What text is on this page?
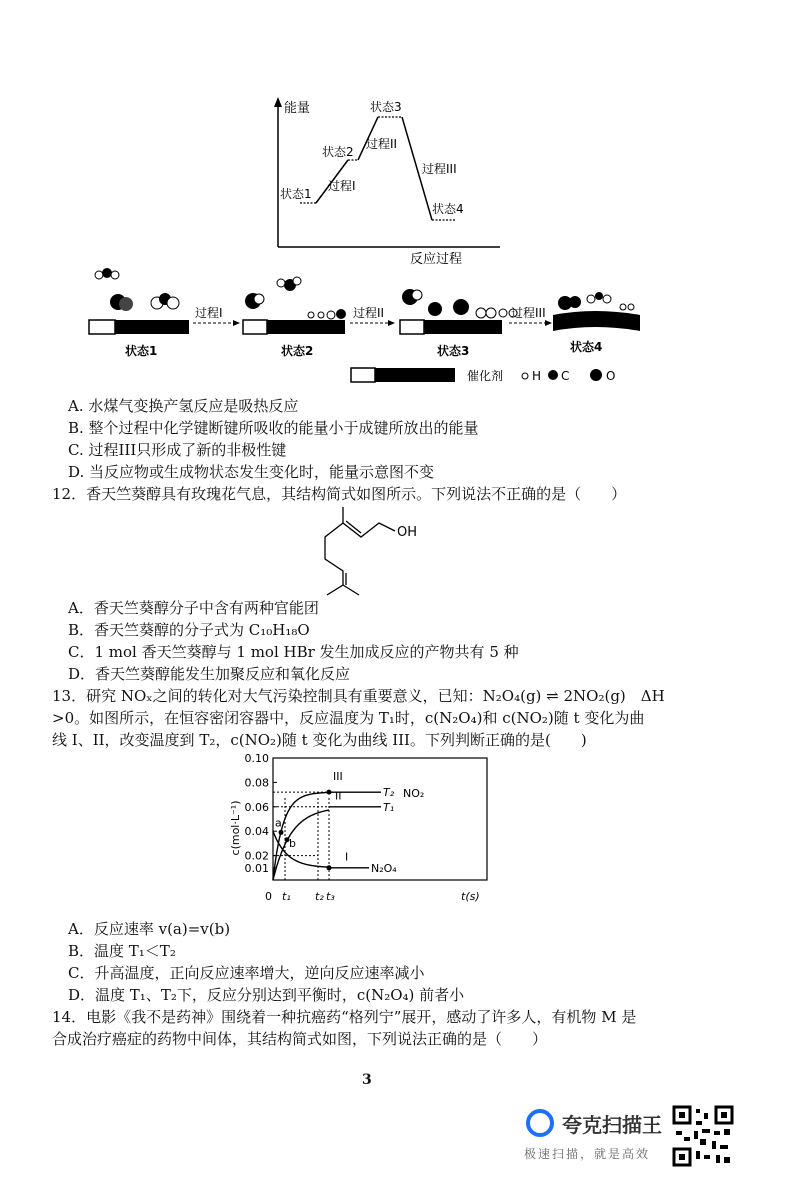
能量
反应过程
状态1
状态2
状态3
状态4
过程I
过程II
过程III
状态1
过程I
状态2
过程II
状态3
过程III
状态4
催化剂 H C	O
A. 水煤气变换产氢反应是吸热反应
B. 整个过程中化学键断键所吸收的能量小于成键所放出的能量
C. 过程III只形成了新的非极性键
D. 当反应物或生成物状态发生变化时，能量示意图不变
12．香天竺葵醇具有玫瑰花气息，其结构简式如图所示。下列说法不正确的是（　　）
OH
A．香天竺葵醇分子中含有两种官能团
B．香天竺葵醇的分子式为 C₁₀H₁₈O
C．1 mol 香天竺葵醇与 1 mol HBr 发生加成反应的产物共有 5 种
D．香天竺葵醇能发生加聚反应和氧化反应
13．研究 NOₓ之间的转化对大气污染控制具有重要意义，已知：N₂O₄(g) ⇌ 2NO₂(g)　ΔH
>0。如图所示，在恒容密闭容器中，反应温度为 T₁时，c(N₂O₄)和 c(NO₂)随 t 变化为曲
线 I、II，改变温度到 T₂，c(NO₂)随 t 变化为曲线 III。下列判断正确的是(　　)
0.01
0.02
0.04
0.06
0.08
0.10
0 t₁ t₂ t₃
c(mol·L⁻¹)
t(s)
a
b
III
II
I
T₂
T₁
NO₂
N₂O₄
A．反应速率 v(a)=v(b)
B．温度 T₁＜T₂
C．升高温度，正向反应速率增大，逆向反应速率减小
D．温度 T₁、T₂下，反应分别达到平衡时，c(N₂O₄) 前者小
14．电影《我不是药神》围绕着一种抗癌药“格列宁”展开，感动了许多人，有机物 M 是
合成治疗癌症的药物中间体，其结构简式如图，下列说法正确的是（　　）
3
夸克扫描王
极速扫描，就是高效
